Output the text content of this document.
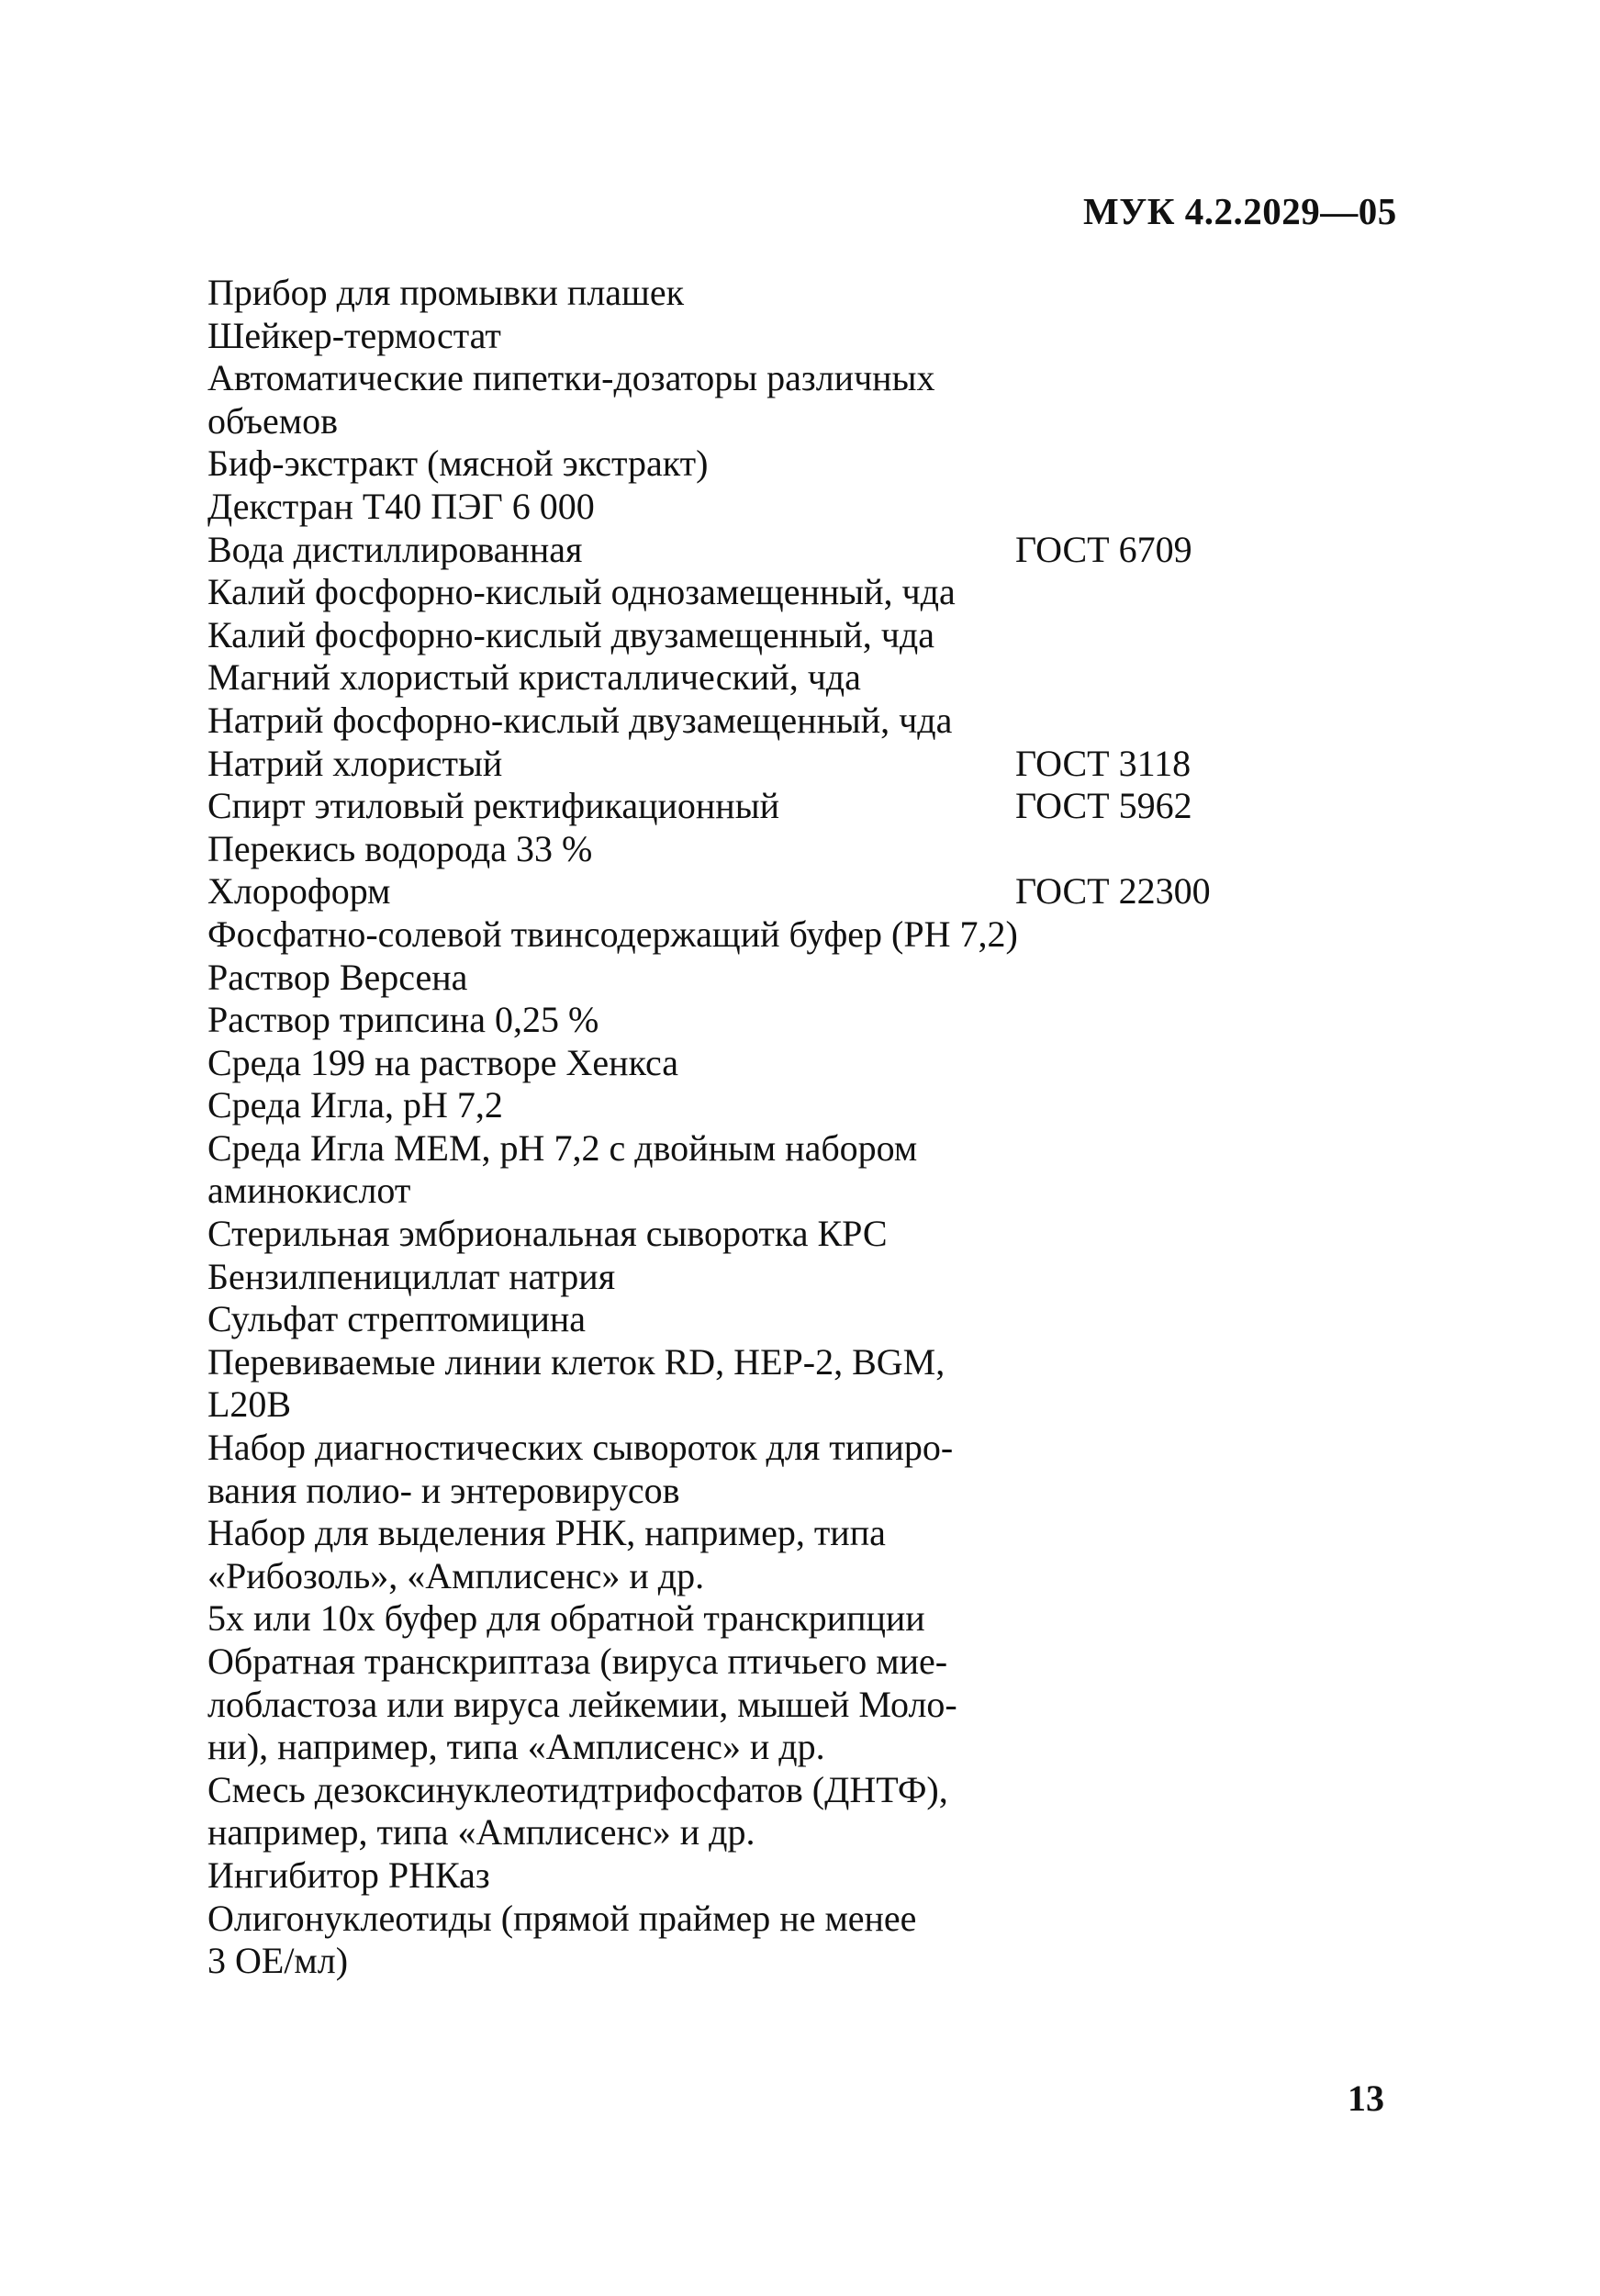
МУК 4.2.2029—05
Прибор для промывки плашек
Шейкер-термостат
Автоматические пипетки-дозаторы различных
объемов
Биф-экстракт (мясной экстракт)
Декстран Т40 ПЭГ 6 000
Вода дистиллированная	ГОСТ 6709
Калий фосфорно-кислый однозамещенный, чда
Калий фосфорно-кислый двузамещенный, чда
Магний хлористый кристаллический, чда
Натрий фосфорно-кислый двузамещенный, чда
Натрий хлористый	ГОСТ 3118
Спирт этиловый ректификационный	ГОСТ 5962
Перекись водорода 33 %
Хлороформ	ГОСТ 22300
Фосфатно-солевой твинсодержащий буфер (РН 7,2)
Раствор Версена
Раствор трипсина 0,25 %
Среда 199 на растворе Хенкса
Среда Игла, рН 7,2
Среда Игла МЕМ, рН 7,2 с двойным набором
аминокислот
Стерильная эмбриональная сыворотка КРС
Бензилпенициллат натрия
Сульфат стрептомицина
Перевиваемые линии клеток RD, НЕР-2, BGM,
L20B
Набор диагностических сывороток для типиро-
вания полио- и энтеровирусов
Набор для выделения РНК, например, типа
«Рибозоль», «Амплисенс» и др.
5х или 10х буфер для обратной транскрипции
Обратная транскриптаза (вируса птичьего мие-
лобластоза или вируса лейкемии, мышей Моло-
ни), например, типа «Амплисенс» и др.
Смесь дезоксинуклеотидтрифосфатов (ДНТФ),
например, типа «Амплисенс» и др.
Ингибитор РНКаз
Олигонуклеотиды (прямой праймер не менее
3 ОЕ/мл)
13
